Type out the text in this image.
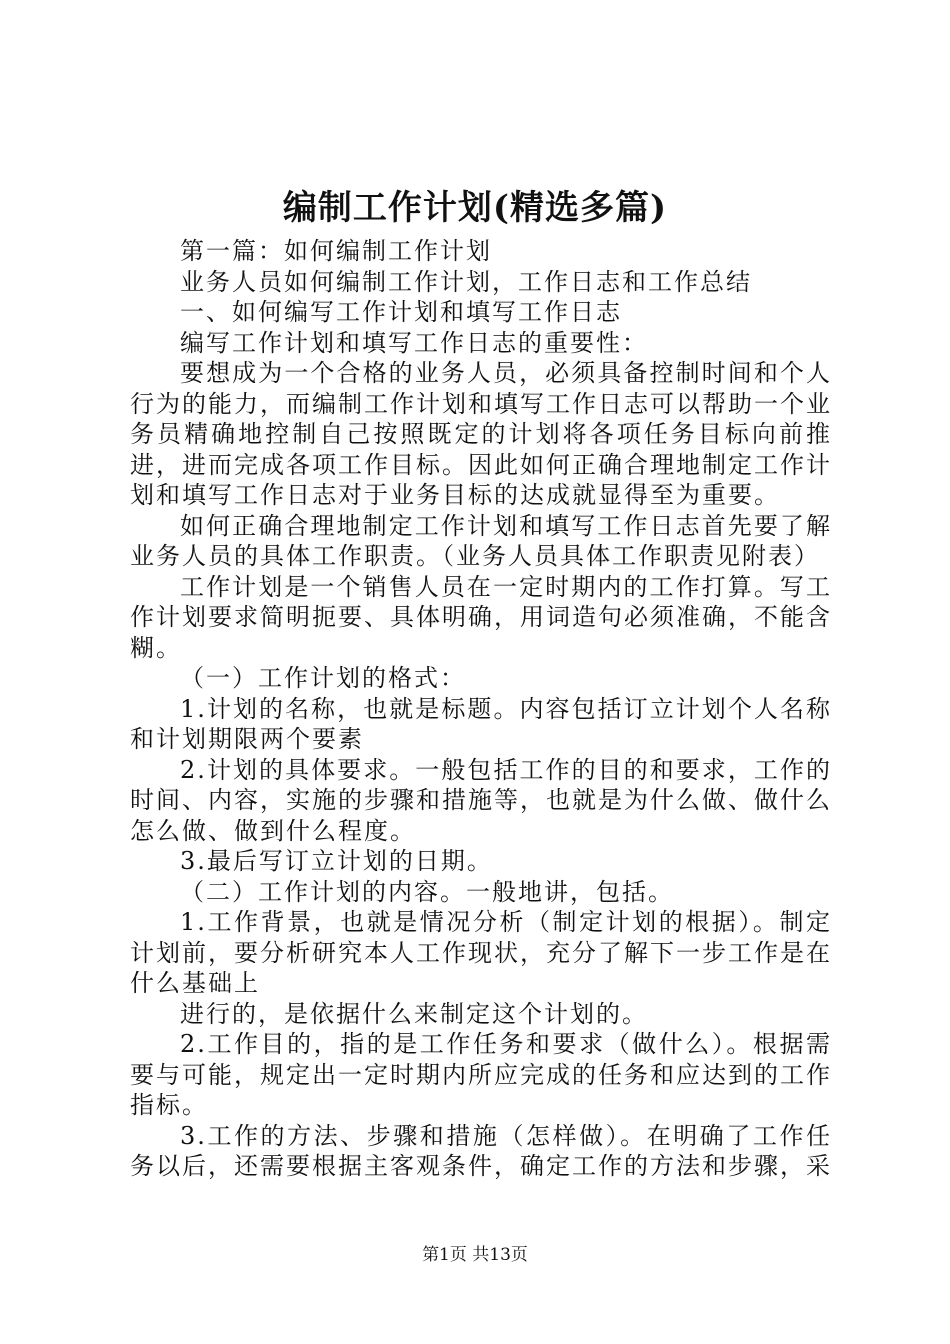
编制工作计划(精选多篇)

第一篇：如何编制工作计划

业务人员如何编制工作计划，工作日志和工作总结

一、如何编写工作计划和填写工作日志

编写工作计划和填写工作日志的重要性：

要想成为一个合格的业务人员，必须具备控制时间和个人行为的能力，而编制工作计划和填写工作日志可以帮助一个业务员精确地控制自己按照既定的计划将各项任务目标向前推进，进而完成各项工作目标。因此如何正确合理地制定工作计划和填写工作日志对于业务目标的达成就显得至为重要。

如何正确合理地制定工作计划和填写工作日志首先要了解业务人员的具体工作职责。（业务人员具体工作职责见附表）

工作计划是一个销售人员在一定时期内的工作打算。写工作计划要求简明扼要、具体明确，用词造句必须准确，不能含糊。

（一）工作计划的格式：

1.计划的名称，也就是标题。内容包括订立计划个人名称和计划期限两个要素

2.计划的具体要求。一般包括工作的目的和要求，工作的时间、内容，实施的步骤和措施等，也就是为什么做、做什么怎么做、做到什么程度。

3.最后写订立计划的日期。

（二）工作计划的内容。一般地讲，包括。

1.工作背景，也就是情况分析（制定计划的根据）。制定计划前，要分析研究本人工作现状，充分了解下一步工作是在什么基础上

进行的，是依据什么来制定这个计划的。

2.工作目的，指的是工作任务和要求（做什么）。根据需要与可能，规定出一定时期内所应完成的任务和应达到的工作指标。

3.工作的方法、步骤和措施（怎样做）。在明确了工作任务以后，还需要根据主客观条件，确定工作的方法和步骤，采

第1页 共13页
